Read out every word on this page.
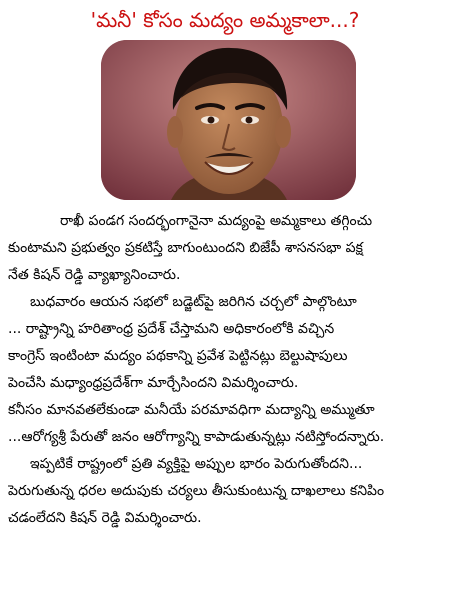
'మనీ' కోసం మద్యం అమ్మకాలా...?
రాఖీ పండగ సందర్భంగానైనా మద్యంపై అమ్మకాలు తగ్గించు
కుంటామని ప్రభుత్వం ప్రకటిస్తే బాగుంటుందని బిజేపీ శాసనసభా పక్ష
నేత కిషన్ రెడ్డి వ్యాఖ్యానించారు.
బుధవారం ఆయన సభలో బడ్జెట్‌పై జరిగిన చర్చలో పాల్గొంటూ
... రాష్ట్రాన్ని హరితాంధ్ర ప్రదేశ్ చేస్తామని అధికారంలోకి వచ్చిన
కాంగ్రెస్ ఇంటింటా మద్యం పథకాన్ని ప్రవేశ పెట్టినట్లు బెల్టుషాపులు
పెంచేసి మధ్యాంధ్రప్రదేశ్‌గా మార్చేసిందని విమర్శించారు.
కనీసం మానవతలేకుండా మనీయే పరమావధిగా మద్యాన్ని అమ్ముతూ
...ఆరోగ్యశ్రీ పేరుతో జనం ఆరోగ్యాన్ని కాపాడుతున్నట్లు నటిస్తోందన్నారు.
ఇప్పటికే రాష్ట్రంలో ప్రతి వ్యక్తిపై అప్పుల భారం పెరుగుతోందని...
పెరుగుతున్న ధరల అదుపుకు చర్యలు తీసుకుంటున్న దాఖలాలు కనిపిం
చడంలేదని కిషన్ రెడ్డి విమర్శించారు.
